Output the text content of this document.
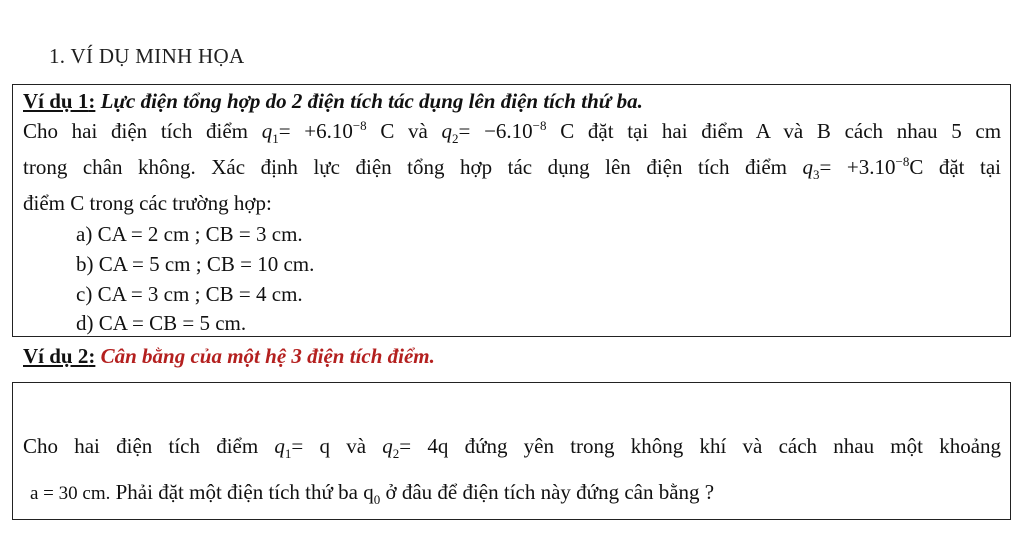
1. VÍ DỤ MINH HỌA
Ví dụ 1: Lực điện tổng hợp do 2 điện tích tác dụng lên điện tích thứ ba.
Cho hai điện tích điểm $q_1= +6.10^{-8}$ C và $q_2= -6.10^{-8}$ C đặt tại hai điểm A và B cách nhau 5 cm
trong chân không. Xác định lực điện tổng hợp tác dụng lên điện tích điểm $q_3= +3.10^{-8}C$ đặt tại
điểm C trong các trường hợp:
a) CA = 2 cm ; CB = 3 cm.
b) CA = 5 cm ; CB = 10 cm.
c) CA = 3 cm ; CB = 4 cm.
d) CA = CB = 5 cm.
Ví dụ 2: Cân bằng của một hệ 3 điện tích điểm.
Cho hai điện tích điểm $q_1= q$ và $q_2= 4q$ đứng yên trong không khí và cách nhau một khoảng
a = 30 cm. Phải đặt một điện tích thứ ba $q_0$ ở đâu để điện tích này đứng cân bằng ?
